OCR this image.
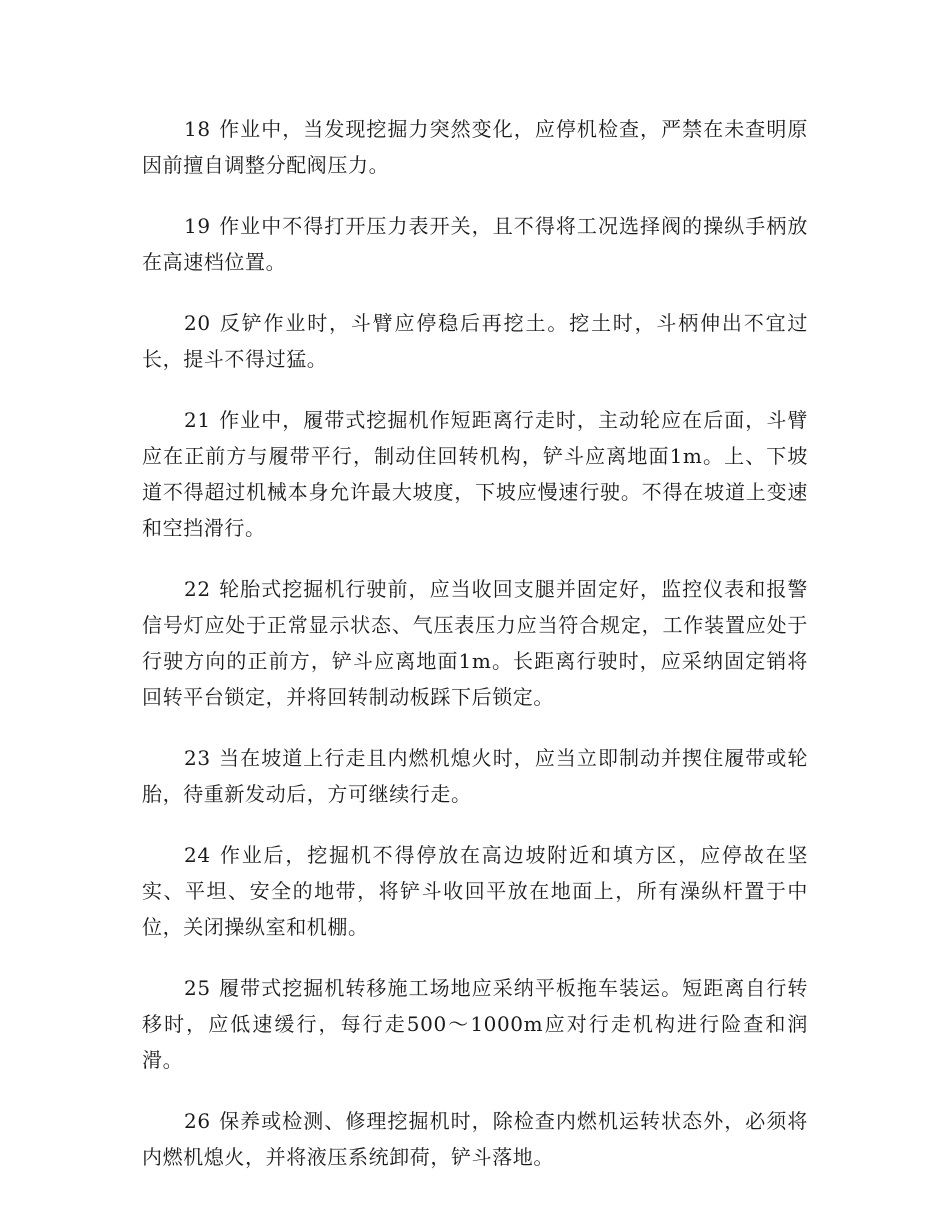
18 作业中，当发现挖掘力突然变化，应停机检查，严禁在未查明原因前擅自调整分配阀压力。

19 作业中不得打开压力表开关，且不得将工况选择阀的操纵手柄放在高速档位置。

20 反铲作业时，斗臂应停稳后再挖土。挖土时，斗柄伸出不宜过长，提斗不得过猛。

21 作业中，履带式挖掘机作短距离行走时，主动轮应在后面，斗臂应在正前方与履带平行，制动住回转机构，铲斗应离地面1m。上、下坡道不得超过机械本身允许最大坡度，下坡应慢速行驶。不得在坡道上变速和空挡滑行。

22 轮胎式挖掘机行驶前，应当收回支腿并固定好，监控仪表和报警信号灯应处于正常显示状态、气压表压力应当符合规定，工作装置应处于行驶方向的正前方，铲斗应离地面1m。长距离行驶时，应采纳固定销将回转平台锁定，并将回转制动板踩下后锁定。

23 当在坡道上行走且内燃机熄火时，应当立即制动并揳住履带或轮胎，待重新发动后，方可继续行走。

24 作业后，挖掘机不得停放在高边坡附近和填方区，应停故在坚实、平坦、安全的地带，将铲斗收回平放在地面上，所有澡纵杆置于中位，关闭操纵室和机棚。

25 履带式挖掘机转移施工场地应采纳平板拖车装运。短距离自行转移时，应低速缓行，每行走500～1000m应对行走机构进行险查和润滑。

26 保养或检测、修理挖掘机时，除检查内燃机运转状态外，必须将内燃机熄火，并将液压系统卸荷，铲斗落地。
